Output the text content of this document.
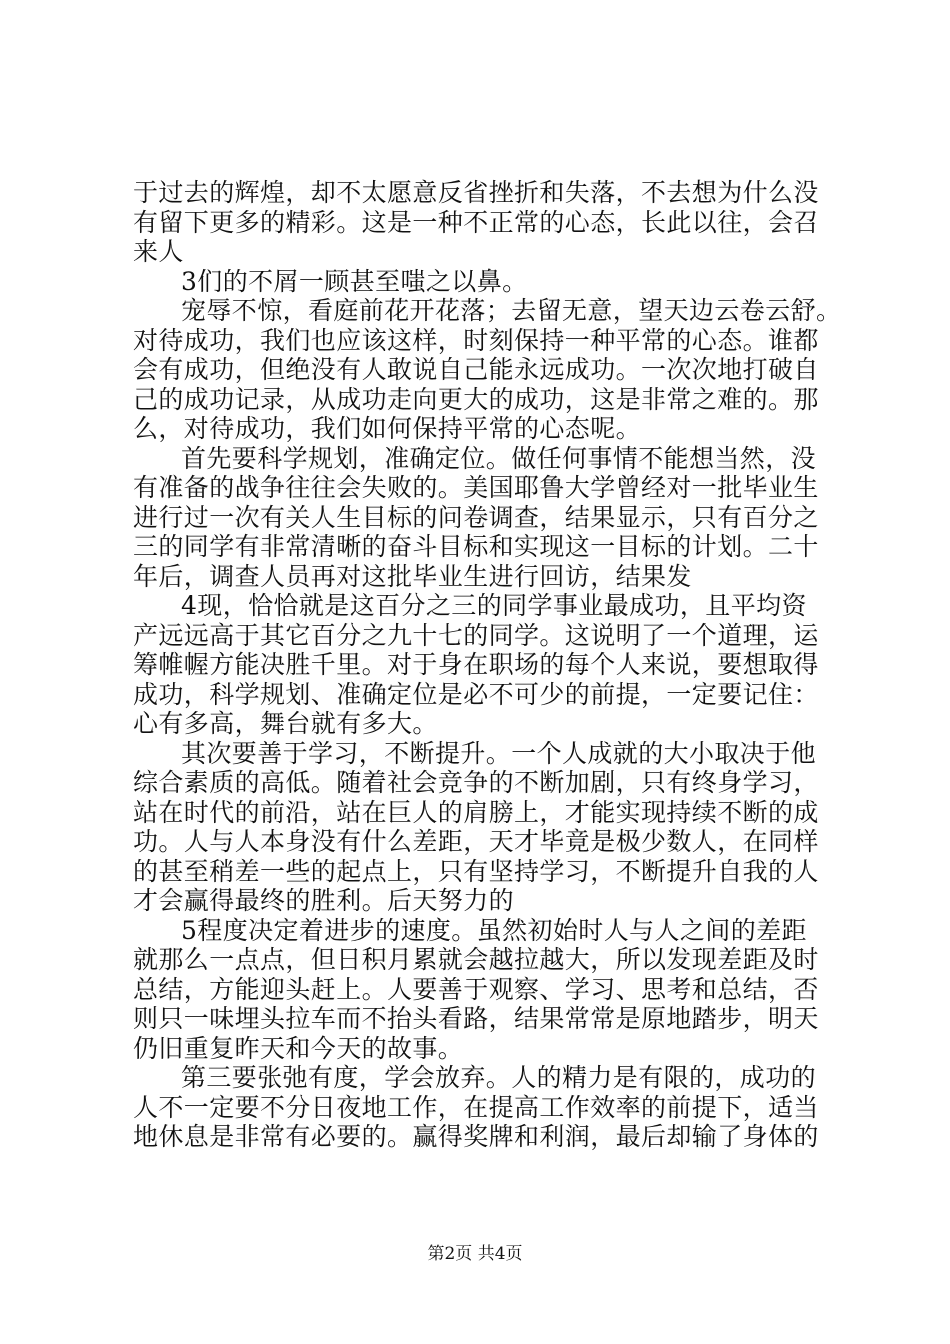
于过去的辉煌，却不太愿意反省挫折和失落，不去想为什么没
有留下更多的精彩。这是一种不正常的心态，长此以往，会召
来人
3们的不屑一顾甚至嗤之以鼻。
宠辱不惊，看庭前花开花落；去留无意，望天边云卷云舒。
对待成功，我们也应该这样，时刻保持一种平常的心态。谁都
会有成功，但绝没有人敢说自己能永远成功。一次次地打破自
己的成功记录，从成功走向更大的成功，这是非常之难的。那
么，对待成功，我们如何保持平常的心态呢。
首先要科学规划，准确定位。做任何事情不能想当然，没
有准备的战争往往会失败的。美国耶鲁大学曾经对一批毕业生
进行过一次有关人生目标的问卷调查，结果显示，只有百分之
三的同学有非常清晰的奋斗目标和实现这一目标的计划。二十
年后，调查人员再对这批毕业生进行回访，结果发
4现，恰恰就是这百分之三的同学事业最成功，且平均资
产远远高于其它百分之九十七的同学。这说明了一个道理，运
筹帷幄方能决胜千里。对于身在职场的每个人来说，要想取得
成功，科学规划、准确定位是必不可少的前提，一定要记住：
心有多高，舞台就有多大。
其次要善于学习，不断提升。一个人成就的大小取决于他
综合素质的高低。随着社会竞争的不断加剧，只有终身学习，
站在时代的前沿，站在巨人的肩膀上，才能实现持续不断的成
功。人与人本身没有什么差距，天才毕竟是极少数人，在同样
的甚至稍差一些的起点上，只有坚持学习，不断提升自我的人
才会赢得最终的胜利。后天努力的
5程度决定着进步的速度。虽然初始时人与人之间的差距
就那么一点点，但日积月累就会越拉越大，所以发现差距及时
总结，方能迎头赶上。人要善于观察、学习、思考和总结，否
则只一味埋头拉车而不抬头看路，结果常常是原地踏步，明天
仍旧重复昨天和今天的故事。
第三要张弛有度，学会放弃。人的精力是有限的，成功的
人不一定要不分日夜地工作，在提高工作效率的前提下，适当
地休息是非常有必要的。赢得奖牌和利润，最后却输了身体的
第2页 共4页
